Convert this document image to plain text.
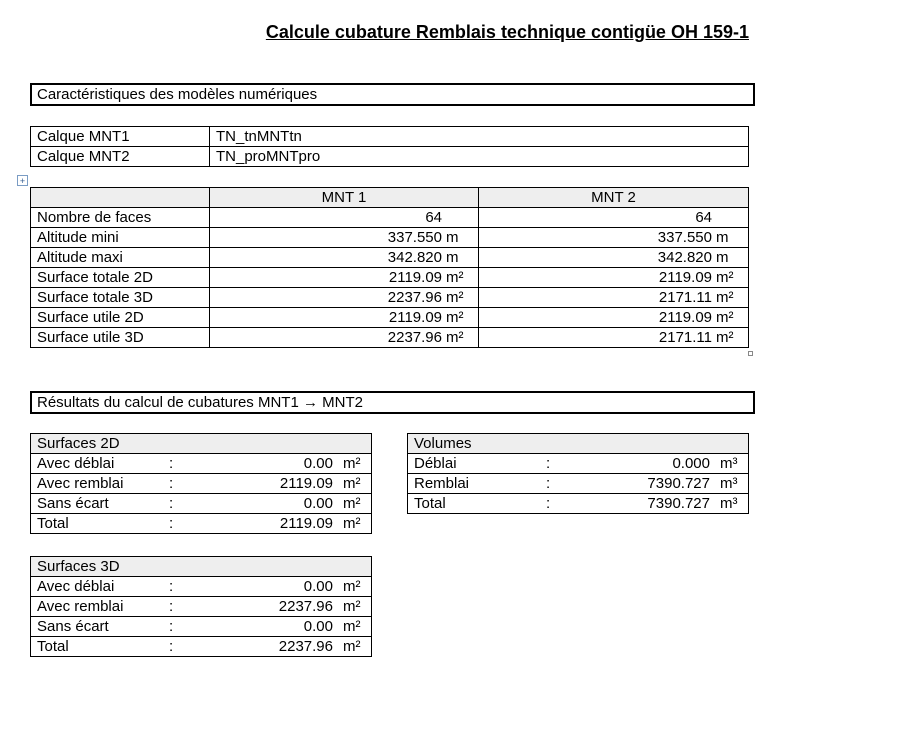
Calcule cubature Remblais technique contigüe OH 159-1
Caractéristiques des modèles numériques
Calque MNT1	TN_tnMNTtn
Calque MNT2	TN_proMNTpro
+
	MNT 1	MNT 2
Nombre de faces	64	64
Altitude mini	337.550 m	337.550 m
Altitude maxi	342.820 m	342.820 m
Surface totale 2D	2119.09 m²	2119.09 m²
Surface totale 3D	2237.96 m²	2171.11 m²
Surface utile 2D	2119.09 m²	2119.09 m²
Surface utile 3D	2237.96 m²	2171.11 m²
Résultats du calcul de cubatures MNT1 → MNT2
Surfaces 2D			
Avec déblai	:	0.00	m²
Avec remblai	:	2119.09	m²
Sans écart	:	0.00	m²
Total	:	2119.09	m²
Volumes			
Déblai	:	0.000	m³
Remblai	:	7390.727	m³
Total	:	7390.727	m³
Surfaces 3D			
Avec déblai	:	0.00	m²
Avec remblai	:	2237.96	m²
Sans écart	:	0.00	m²
Total	:	2237.96	m²
